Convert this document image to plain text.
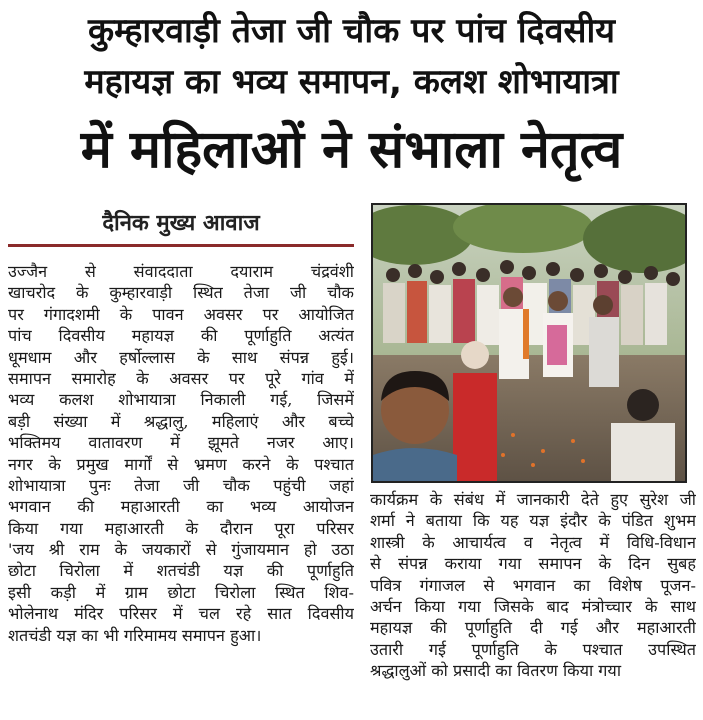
कुम्हारवाड़ी तेजा जी चौक पर पांच दिवसीय
महायज्ञ का भव्य समापन, कलश शोभायात्रा
में महिलाओं ने संभाला नेतृत्व
दैनिक मुख्य आवाज
उज्जैन से संवाददाता दयाराम चंद्रवंशी
खाचरोद के कुम्हारवाड़ी स्थित तेजा जी चौक
पर गंगादशमी के पावन अवसर पर आयोजित
पांच दिवसीय महायज्ञ की पूर्णाहुति अत्यंत
धूमधाम और हर्षोल्लास के साथ संपन्न हुई।
समापन समारोह के अवसर पर पूरे गांव में
भव्य कलश शोभायात्रा निकाली गई, जिसमें
बड़ी संख्या में श्रद्धालु, महिलाएं और बच्चे
भक्तिमय वातावरण में झूमते नजर आए।
नगर के प्रमुख मार्गों से भ्रमण करने के पश्चात
शोभायात्रा पुनः तेजा जी चौक पहुंची जहां
भगवान की महाआरती का भव्य आयोजन
किया गया महाआरती के दौरान पूरा परिसर
'जय श्री राम के जयकारों से गुंजायमान हो उठा
छोटा चिरोला में शतचंडी यज्ञ की पूर्णाहुति
इसी कड़ी में ग्राम छोटा चिरोला स्थित शिव-
भोलेनाथ मंदिर परिसर में चल रहे सात दिवसीय
शतचंडी यज्ञ का भी गरिमामय समापन हुआ।
कार्यक्रम के संबंध में जानकारी देते हुए सुरेश जी
शर्मा ने बताया कि यह यज्ञ इंदौर के पंडित शुभम
शास्त्री के आचार्यत्व व नेतृत्व में विधि-विधान
से संपन्न कराया गया समापन के दिन सुबह
पवित्र गंगाजल से भगवान का विशेष पूजन-
अर्चन किया गया जिसके बाद मंत्रोच्चार के साथ
महायज्ञ की पूर्णाहुति दी गई और महाआरती
उतारी गई पूर्णाहुति के पश्चात उपस्थित
श्रद्धालुओं को प्रसादी का वितरण किया गया
